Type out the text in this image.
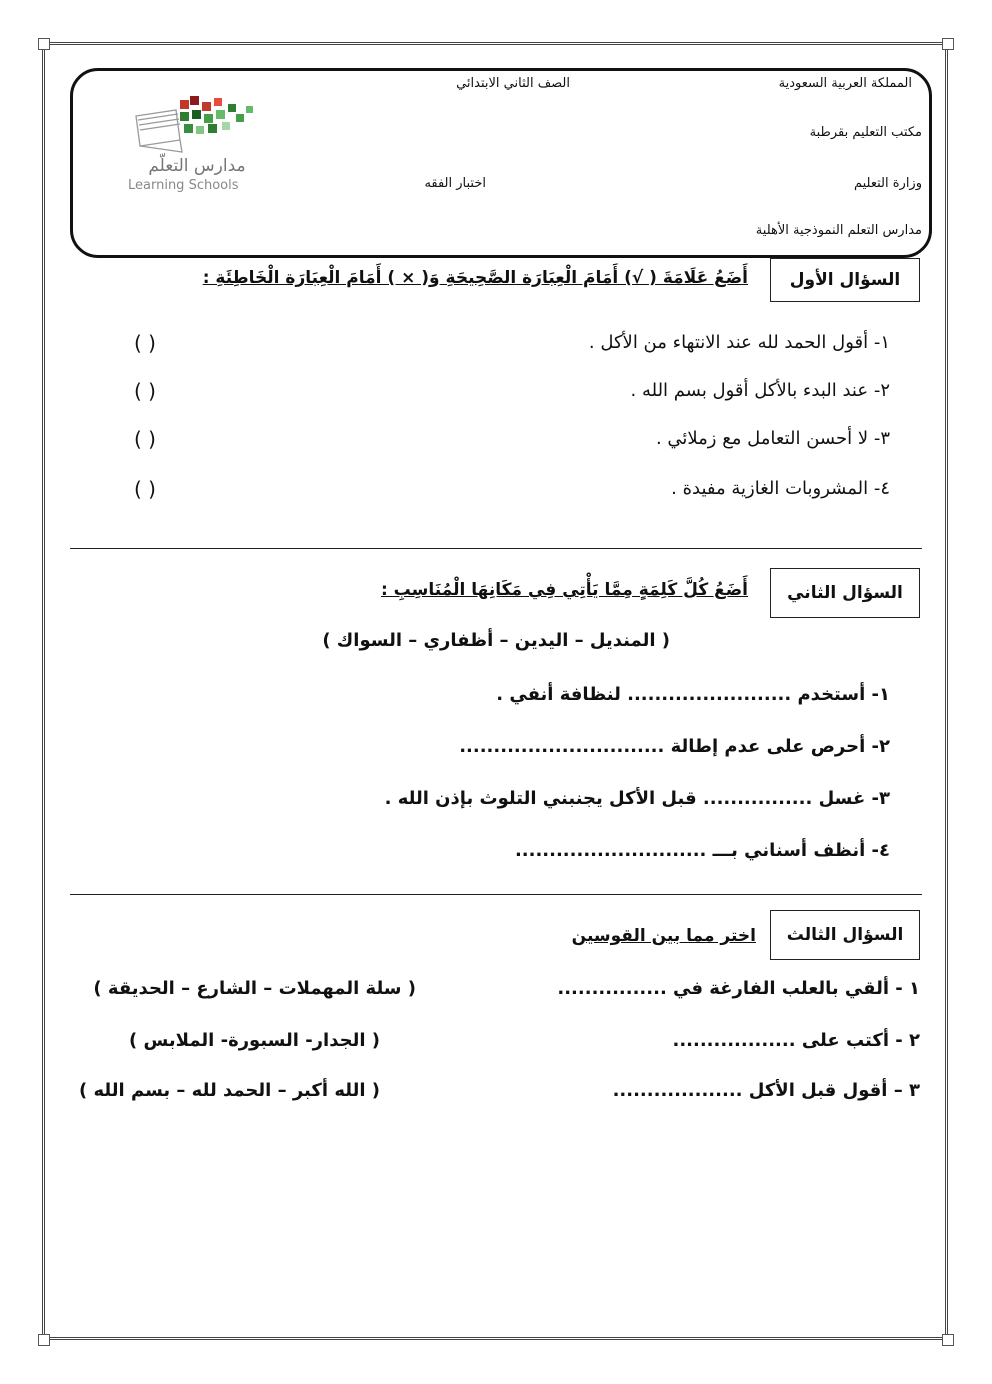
المملكة العربية السعودية
الصف الثاني الابتدائي
مكتب التعليم بقرطبة
وزارة التعليم
اختبار الفقه
مدارس التعلم النموذجية الأهلية
مدارس التعلّم
Learning Schools
السؤال الأول
أَضَعُ عَلَامَةَ ( √) أَمَامَ الْعِبَارَة الصَّحِيحَةِ وَ( × ) أَمَامَ الْعِبَارَة الْخَاطِئَةِ :
١- أقول الحمد لله عند الانتهاء من الأكل .
٢- عند البدء بالأكل أقول بسم الله .
٣- لا أحسن التعامل مع زملائي .
٤- المشروبات الغازية مفيدة .
( )
( )
( )
( )
السؤال الثاني
أَضَعُ كُلَّ كَلِمَةٍ مِمَّا يَأْتِي فِي مَكَانِهَا الْمُنَاسِبِ :
( المنديل – اليدين – أظفاري – السواك )
١- أستخدم ........................ لنظافة أنفي .
٢- أحرص على عدم إطالة ..............................
٣- غسل ................ قبل الأكل يجنبني التلوث بإذن الله .
٤- أنظف أسناني بـــ ............................
السؤال الثالث
اختر مما بين القوسين
١ - ألقي بالعلب الفارغة في ................
( سلة المهملات – الشارع – الحديقة )
٢ - أكتب على ..................
( الجدار- السبورة- الملابس )
٣ – أقول قبل الأكل ...................
( الله أكبر – الحمد لله – بسم الله )
